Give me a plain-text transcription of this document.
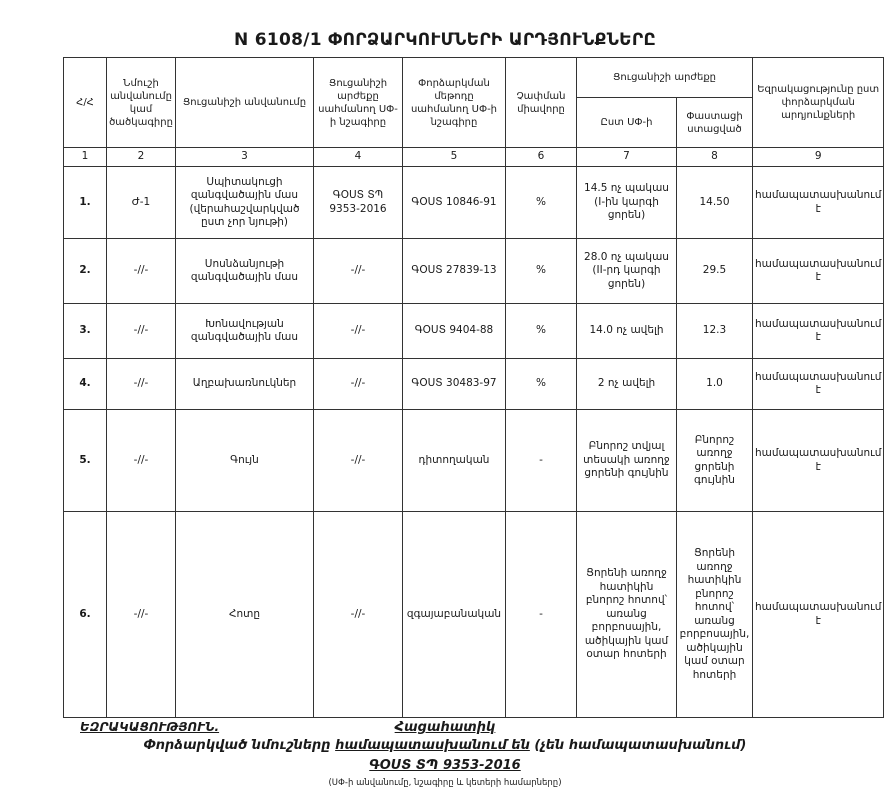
N 6108/1 ՓՈՐՁԱՐԿՈՒՄՆԵՐԻ ԱՐԴՅՈՒՆՔՆԵՐԸ
Հ/Հ	Նմուշի անվանումը կամ ծածկագիրը	Ցուցանիշի անվանումը	Ցուցանիշի արժեքը սահմանող ՍՓ-ի նշագիրը	Փորձարկման մեթոդը սահմանող ՍՓ-ի նշագիրը	Չափման միավորը	Ցուցանիշի արժեքը		Եզրակացությունը ըստ փորձարկման արդյունքների
						Ըստ ՍՓ-ի	Փաստացի ստացված	
1	2	3	4	5	6	7	8	9
1.	Ժ-1	Սպիտակուցի զանգվածային մաս (վերահաշվարկված ըստ չոր նյութի)	ԳՕՍՏ ՏՊ 9353-2016	ԳՕՍՏ 10846-91	%	14.5 ոչ պակաս (I-ին կարգի ցորեն)	14.50	համապատասխանում է
2.	-//-	Սոսնձանյութի զանգվածային մաս	-//-	ԳՕՍՏ 27839-13	%	28.0 ոչ պակաս (II-րդ կարգի ցորեն)	29.5	համապատասխանում է
3.	-//-	Խոնավության զանգվածային մաս	-//-	ԳՕՍՏ 9404-88	%	14.0 ոչ ավելի	12.3	համապատասխանում է
4.	-//-	Աղբախառնուկներ	-//-	ԳՕՍՏ 30483-97	%	2 ոչ ավելի	1.0	համապատասխանում է
5.	-//-	Գույն	-//-	դիտողական	-	Բնորոշ տվյալ տեսակի առողջ ցորենի գույնին	Բնորոշ առողջ ցորենի գույնին	համապատասխանում է
6.	-//-	Հոտը	-//-	զգայաբանական	-	Ցորենի առողջ հատիկին բնորոշ հոտով՝ առանց բորբոսային, ածիկային կամ օտար հոտերի	Ցորենի առողջ հատիկին բնորոշ հոտով՝ առանց բորբոսային, ածիկային կամ օտար հոտերի	համապատասխանում է
ԵԶՐԱԿԱՑՈՒԹՅՈՒՆ.	Հացահատիկ
Փորձարկված նմուշները համապատասխանում են (չեն համապատասխանում)
ԳՕՍՏ ՏՊ 9353-2016
(ՍՓ-ի անվանումը, նշագիրը և կետերի համարները)
